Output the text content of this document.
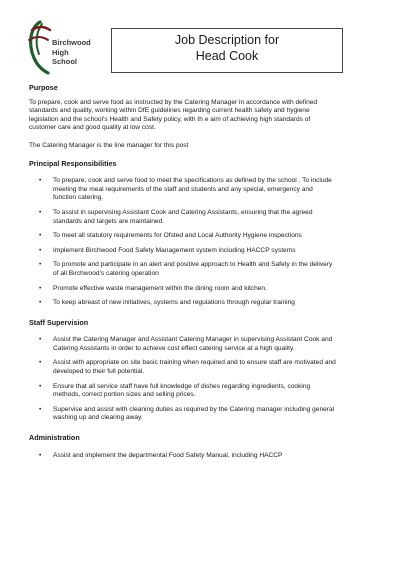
Birchwood
High
School
Job Description for
Head Cook

Purpose

To prepare, cook and serve food as instructed by the Catering Manager in accordance with defined
standards and quality, working within DfE guidelines regarding current health safety and hygiene
legislation and the school’s Health and Safety policy, with th e aim of achieving high standards of
customer care and good quality at low cost.

The Catering Manager is the line manager for this post

Principal Responsibilities

• To prepare, cook and serve food to meet the specifications as defined by the school . To include
meeting the meal requirements of the staff and students and any special, emergency and
function catering.
• To assist in supervising Assistant Cook and Catering Assistants, ensuring that the agreed
standards and targets are maintained.
• To meet all statutory requirements for Ofsted and Local Authority Hygiene inspections
• Implement Birchwood Food Safety Management system including HACCP systems
• To promote and participate in an alert and positive approach to Health and Safety in the delivery
of all Birchwood’s catering operation
• Promote effective waste management within the dining room and kitchen.
• To keep abreast of new initiatives, systems and regulations through regular training

Staff Supervision

• Assist the Catering Manager and Assistant Catering Manager in supervising Assistant Cook and
Catering Assistants in order to achieve cost effect catering service at a high quality.
• Assist with appropriate on site basic training when required and to ensure staff are motivated and
developed to their full potential.
• Ensure that all service staff have full knowledge of dishes regarding ingredients, cooking
methods, correct portion sizes and selling prices.
• Supervise and assist with cleaning duties as required by the Catering manager including general
washing up and clearing away.

Administration

• Assist and implement the departmental Food Safety Manual, including HACCP
